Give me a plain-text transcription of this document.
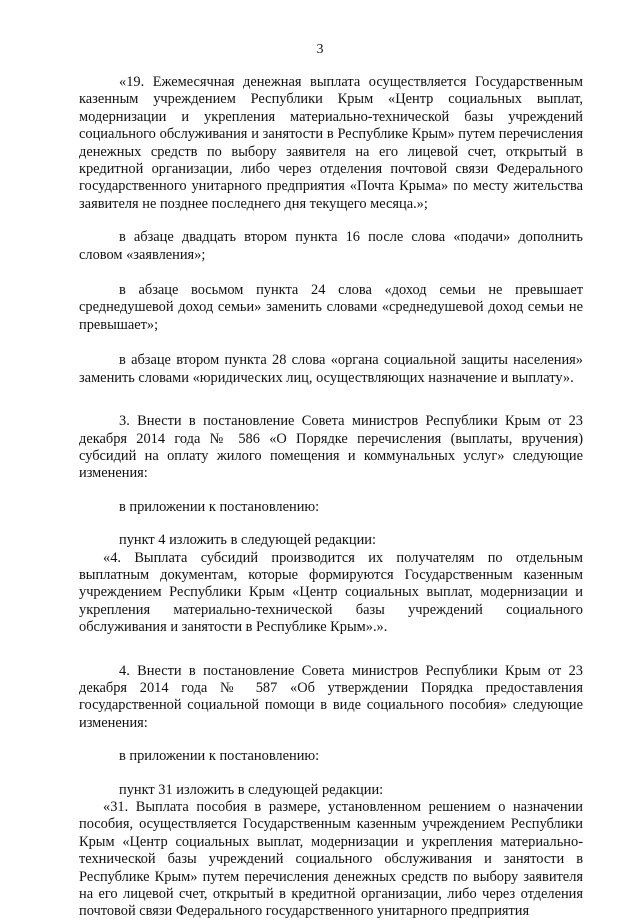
3

«19. Ежемесячная денежная выплата осуществляется Государственным казенным учреждением Республики Крым «Центр социальных выплат, модернизации и укрепления материально-технической базы учреждений социального обслуживания и занятости в Республике Крым» путем перечисления денежных средств по выбору заявителя на его лицевой счет, открытый в кредитной организации, либо через отделения почтовой связи Федерального государственного унитарного предприятия «Почта Крыма» по месту жительства заявителя не позднее последнего дня текущего месяца.»;

в абзаце двадцать втором пункта 16 после слова «подачи» дополнить словом «заявления»;

в абзаце восьмом пункта 24 слова «доход семьи не превышает среднедушевой доход семьи» заменить словами «среднедушевой доход семьи не превышает»;

в абзаце втором пункта 28 слова «органа социальной защиты населения» заменить словами «юридических лиц, осуществляющих назначение и выплату».

3. Внести в постановление Совета министров Республики Крым от 23 декабря 2014 года № 586 «О Порядке перечисления (выплаты, вручения) субсидий на оплату жилого помещения и коммунальных услуг» следующие изменения:

в приложении к постановлению:

пункт 4 изложить в следующей редакции:

«4. Выплата субсидий производится их получателям по отдельным выплатным документам, которые формируются Государственным казенным учреждением Республики Крым «Центр социальных выплат, модернизации и укрепления материально-технической базы учреждений социального обслуживания и занятости в Республике Крым».».

4. Внести в постановление Совета министров Республики Крым от 23 декабря 2014 года № 587 «Об утверждении Порядка предоставления государственной социальной помощи в виде социального пособия» следующие изменения:

в приложении к постановлению:

пункт 31 изложить в следующей редакции:

«31. Выплата пособия в размере, установленном решением о назначении пособия, осуществляется Государственным казенным учреждением Республики Крым «Центр социальных выплат, модернизации и укрепления материально-технической базы учреждений социального обслуживания и занятости в Республике Крым» путем перечисления денежных средств по выбору заявителя на его лицевой счет, открытый в кредитной организации, либо через отделения почтовой связи Федерального государственного унитарного предприятия
